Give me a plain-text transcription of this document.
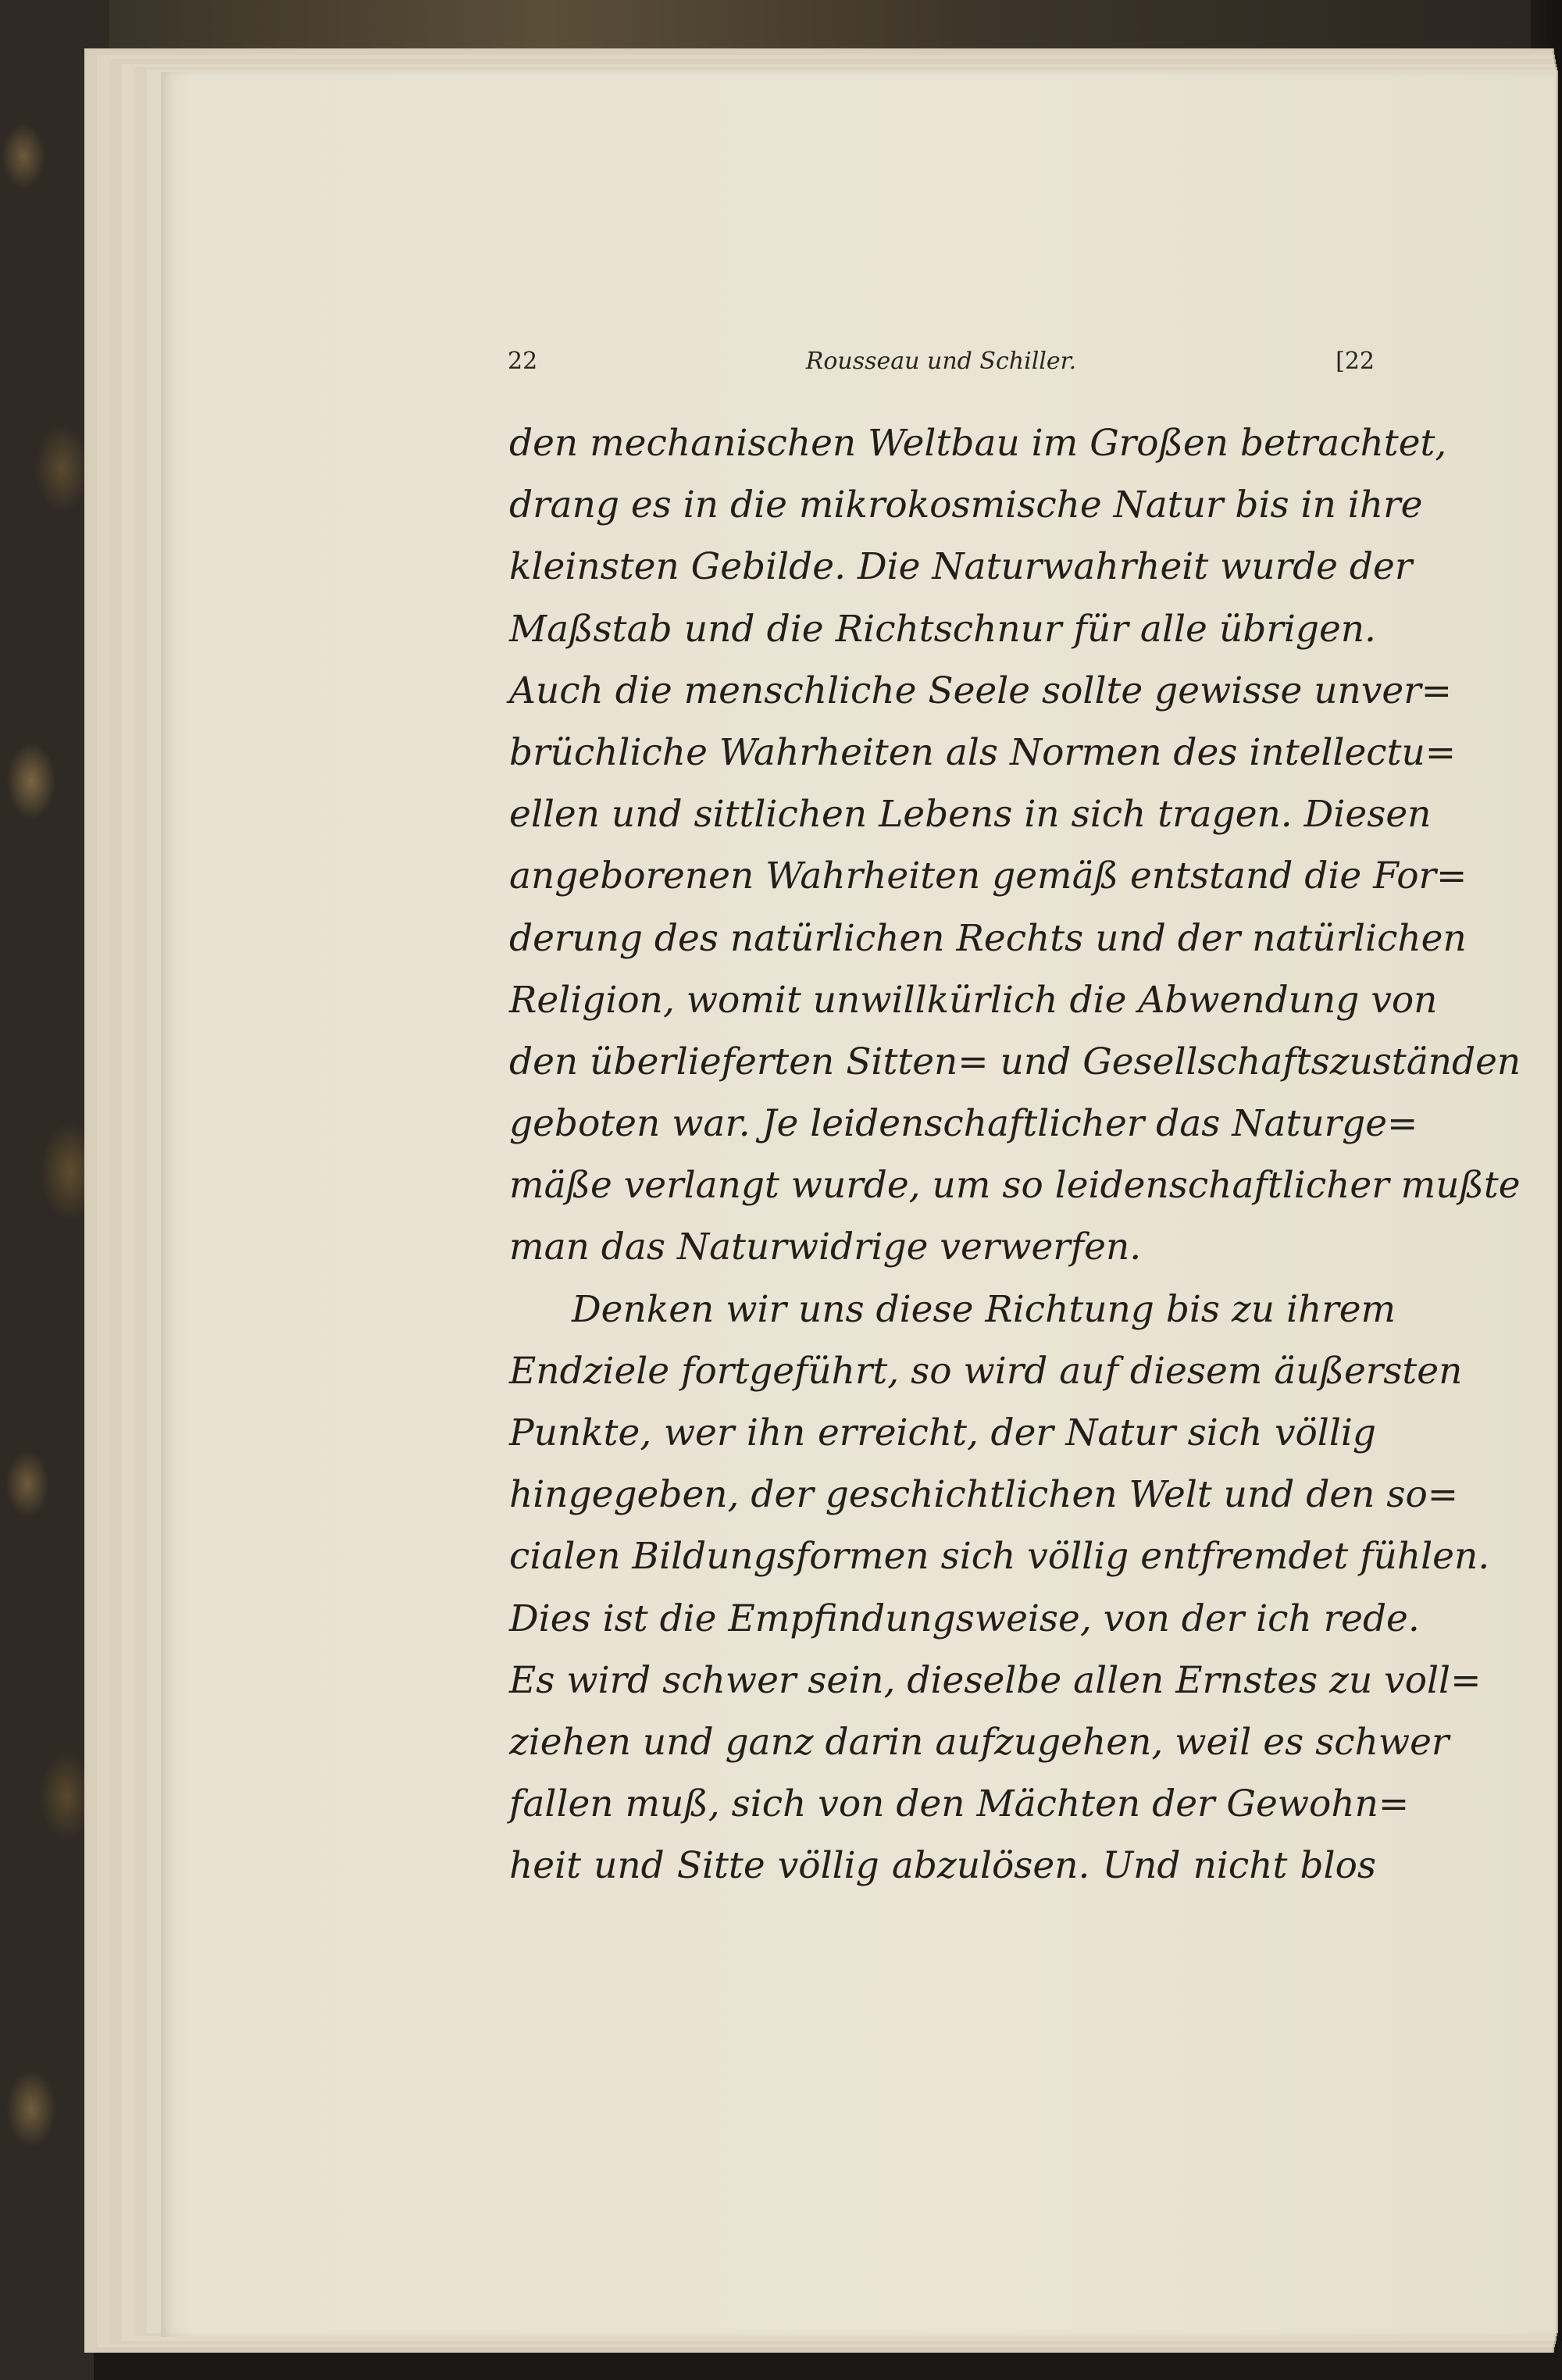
22	Rousseau und Schiller.	[22
den mechanischen Weltbau im Großen betrachtet,
drang es in die mikrokosmische Natur bis in ihre
kleinsten Gebilde. Die Naturwahrheit wurde der
Maßstab und die Richtschnur für alle übrigen.
Auch die menschliche Seele sollte gewisse unver=
brüchliche Wahrheiten als Normen des intellectu=
ellen und sittlichen Lebens in sich tragen. Diesen
angeborenen Wahrheiten gemäß entstand die For=
derung des natürlichen Rechts und der natürlichen
Religion, womit unwillkürlich die Abwendung von
den überlieferten Sitten= und Gesellschaftszuständen
geboten war. Je leidenschaftlicher das Naturge=
mäße verlangt wurde, um so leidenschaftlicher mußte
man das Naturwidrige verwerfen.
Denken wir uns diese Richtung bis zu ihrem
Endziele fortgeführt, so wird auf diesem äußersten
Punkte, wer ihn erreicht, der Natur sich völlig
hingegeben, der geschichtlichen Welt und den so=
cialen Bildungsformen sich völlig entfremdet fühlen.
Dies ist die Empfindungsweise, von der ich rede.
Es wird schwer sein, dieselbe allen Ernstes zu voll=
ziehen und ganz darin aufzugehen, weil es schwer
fallen muß, sich von den Mächten der Gewohn=
heit und Sitte völlig abzulösen. Und nicht blos
